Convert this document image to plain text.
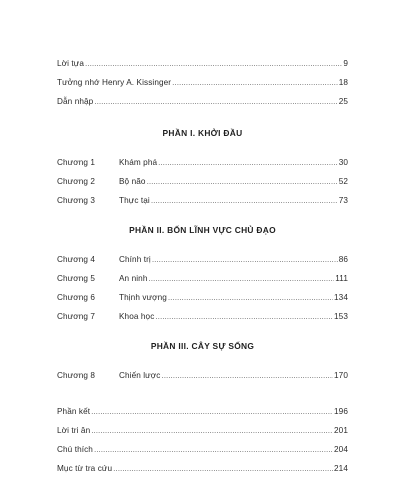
Lời tựa .....	9
Tưởng nhớ Henry A. Kissinger .....	18
Dẫn nhập .....	25
PHẦN I. KHỞI ĐẦU
Chương 1	Khám phá .....	30
Chương 2	Bộ não .....	52
Chương 3	Thực tại .....	73
PHẦN II. BỐN LĨNH VỰC CHỦ ĐẠO
Chương 4	Chính trị .....	86
Chương 5	An ninh .....	111
Chương 6	Thịnh vượng .....	134
Chương 7	Khoa học .....	153
PHẦN III. CÂY SỰ SỐNG
Chương 8	Chiến lược .....	170
Phần kết .....	196
Lời tri ân .....	201
Chú thích .....	204
Mục từ tra cứu .....	214
